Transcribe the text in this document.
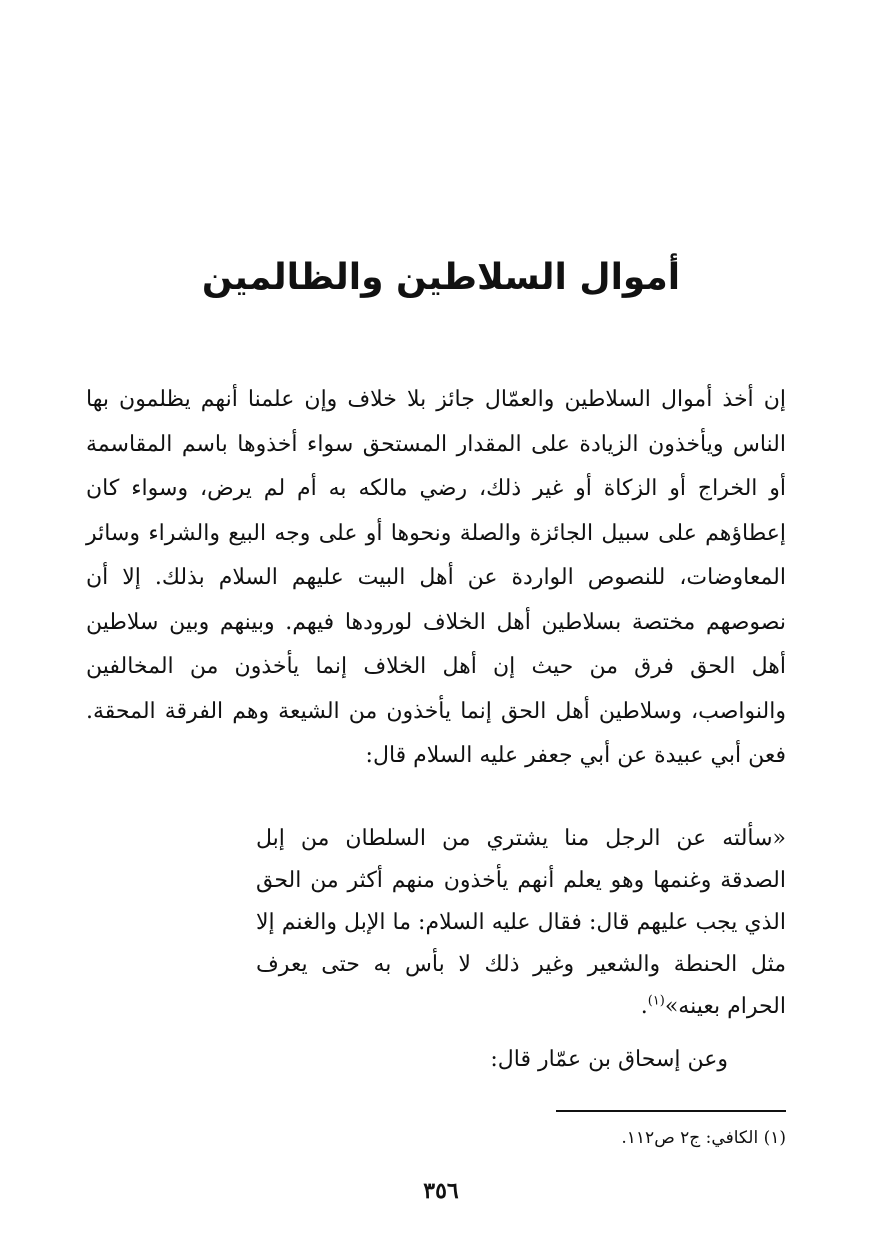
أموال السلاطين والظالمين

إن أخذ أموال السلاطين والعمّال جائز بلا خلاف وإن علمنا أنهم يظلمون بها الناس ويأخذون الزيادة على المقدار المستحق سواء أخذوها باسم المقاسمة أو الخراج أو الزكاة أو غير ذلك، رضي مالكه به أم لم يرض، وسواء كان إعطاؤهم على سبيل الجائزة والصلة ونحوها أو على وجه البيع والشراء وسائر المعاوضات، للنصوص الواردة عن أهل البيت عليهم السلام بذلك. إلا أن نصوصهم مختصة بسلاطين أهل الخلاف لورودها فيهم. وبينهم وبين سلاطين أهل الحق فرق من حيث إن أهل الخلاف إنما يأخذون من المخالفين والنواصب، وسلاطين أهل الحق إنما يأخذون من الشيعة وهم الفرقة المحقة. فعن أبي عبيدة عن أبي جعفر عليه السلام قال:

«سألته عن الرجل منا يشتري من السلطان من إبل الصدقة وغنمها وهو يعلم أنهم يأخذون منهم أكثر من الحق الذي يجب عليهم قال: فقال عليه السلام: ما الإبل والغنم إلا مثل الحنطة والشعير وغير ذلك لا بأس به حتى يعرف الحرام بعينه»$^{(١)}$.

وعن إسحاق بن عمّار قال:

(١) الكافي: ج٢ ص١١٢.

٣٥٦
